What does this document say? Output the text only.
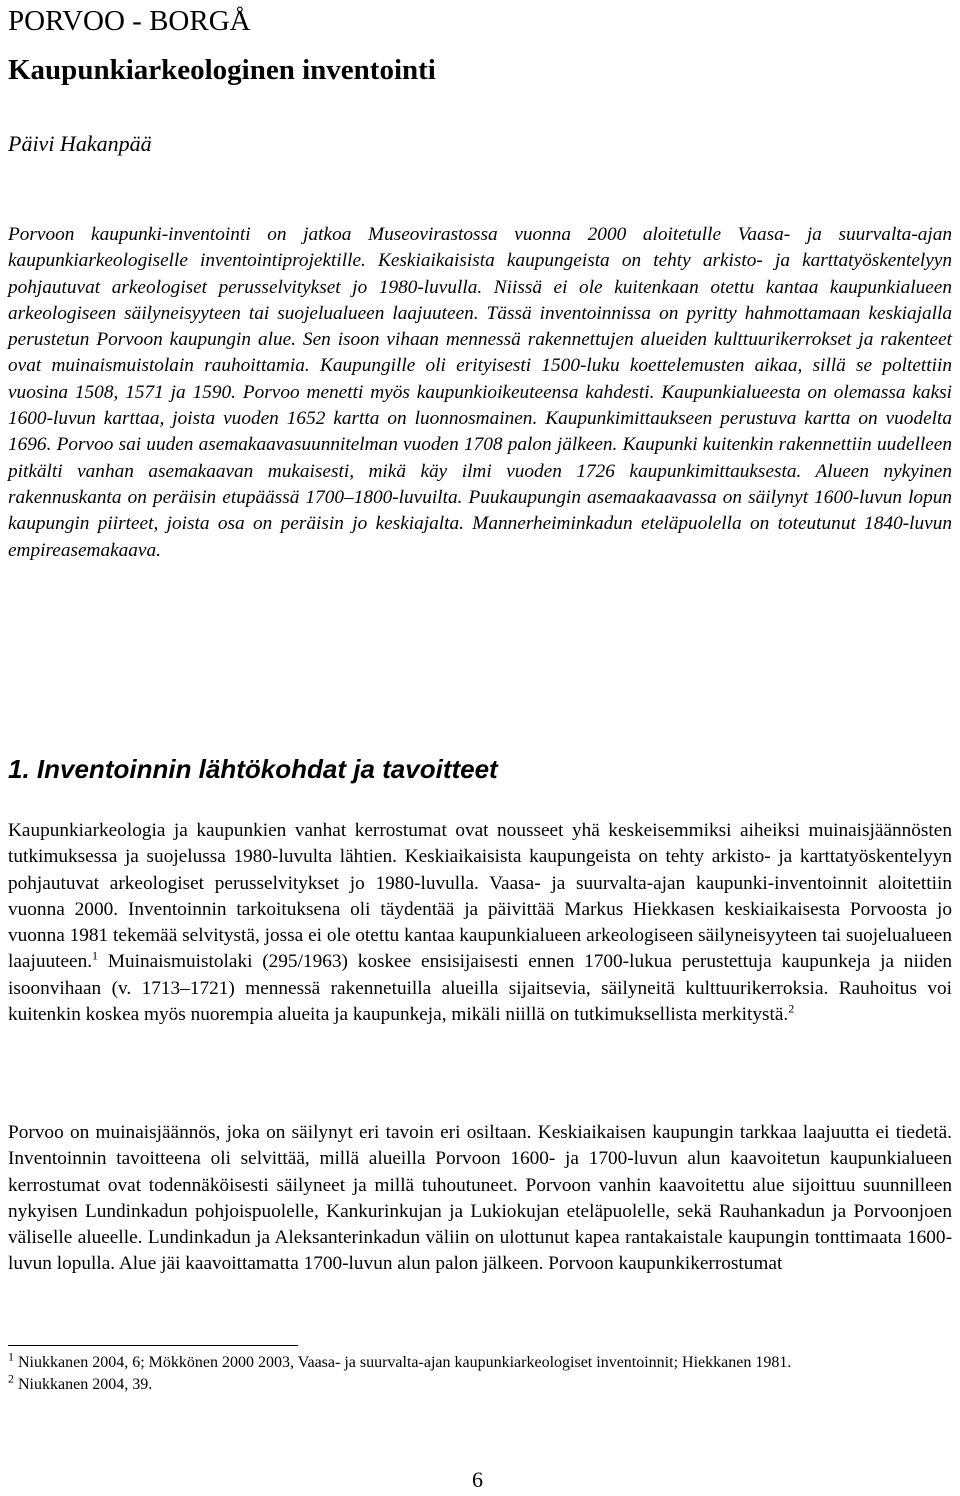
PORVOO - BORGÅ
Kaupunkiarkeologinen inventointi

Päivi Hakanpää

Porvoon kaupunki-inventointi on jatkoa Museovirastossa vuonna 2000 aloitetulle Vaasa- ja suurvalta-ajan kaupunkiarkeologiselle inventointiprojektille. Keskiaikaisista kaupungeista on tehty arkisto- ja karttatyöskentelyyn pohjautuvat arkeologiset perusselvitykset jo 1980-luvulla. Niissä ei ole kuitenkaan otettu kantaa kaupunkialueen arkeologiseen säilyneisyyteen tai suojelualueen laajuuteen. Tässä inventoinnissa on pyritty hahmottamaan keskiajalla perustetun Porvoon kaupungin alue. Sen isoon vihaan mennessä rakennettujen alueiden kulttuurikerrokset ja rakenteet ovat muinaismuistolain rauhoittamia. Kaupungille oli erityisesti 1500-luku koettelemusten aikaa, sillä se poltettiin vuosina 1508, 1571 ja 1590. Porvoo menetti myös kaupunkioikeuteensa kahdesti. Kaupunkialueesta on olemassa kaksi 1600-luvun karttaa, joista vuoden 1652 kartta on luonnosmainen. Kaupunkimittaukseen perustuva kartta on vuodelta 1696. Porvoo sai uuden asemakaavasuunnitelman vuoden 1708 palon jälkeen. Kaupunki kuitenkin rakennettiin uudelleen pitkälti vanhan asemakaavan mukaisesti, mikä käy ilmi vuoden 1726 kaupunkimittauksesta. Alueen nykyinen rakennuskanta on peräisin etupäässä 1700–1800-luvuilta. Puukaupungin asemaakaavassa on säilynyt 1600-luvun lopun kaupungin piirteet, joista osa on peräisin jo keskiajalta. Mannerheiminkadun eteläpuolella on toteutunut 1840-luvun empireasemakaava.

1. Inventoinnin lähtökohdat ja tavoitteet

Kaupunkiarkeologia ja kaupunkien vanhat kerrostumat ovat nousseet yhä keskeisemmiksi aiheiksi muinaisjäännösten tutkimuksessa ja suojelussa 1980-luvulta lähtien. Keskiaikaisista kaupungeista on tehty arkisto- ja karttatyöskentelyyn pohjautuvat arkeologiset perusselvitykset jo 1980-luvulla. Vaasa- ja suurvalta-ajan kaupunki-inventoinnit aloitettiin vuonna 2000. Inventoinnin tarkoituksena oli täydentää ja päivittää Markus Hiekkasen keskiaikaisesta Porvoosta jo vuonna 1981 tekemää selvitystä, jossa ei ole otettu kantaa kaupunkialueen arkeologiseen säilyneisyyteen tai suojelualueen laajuuteen.$^1$ Muinaismuistolaki (295/1963) koskee ensisijaisesti ennen 1700-lukua perustettuja kaupunkeja ja niiden isoonvihaan (v. 1713–1721) mennessä rakennetuilla alueilla sijaitsevia, säilyneitä kulttuurikerroksia. Rauhoitus voi kuitenkin koskea myös nuorempia alueita ja kaupunkeja, mikäli niillä on tutkimuksellista merkitystä.$^2$

Porvoo on muinaisjäännös, joka on säilynyt eri tavoin eri osiltaan. Keskiaikaisen kaupungin tarkkaa laajuutta ei tiedetä. Inventoinnin tavoitteena oli selvittää, millä alueilla Porvoon 1600- ja 1700-luvun alun kaavoitetun kaupunkialueen kerrostumat ovat todennäköisesti säilyneet ja millä tuhoutuneet. Porvoon vanhin kaavoitettu alue sijoittuu suunnilleen nykyisen Lundinkadun pohjoispuolelle, Kankurinkujan ja Lukiokujan eteläpuolelle, sekä Rauhankadun ja Porvoonjoen väliselle alueelle. Lundinkadun ja Aleksanterinkadun väliin on ulottunut kapea rantakaistale kaupungin tonttimaata 1600-luvun lopulla. Alue jäi kaavoittamatta 1700-luvun alun palon jälkeen. Porvoon kaupunkikerrostumat

$^1$ Niukkanen 2004, 6; Mökkönen 2000 2003, Vaasa- ja suurvalta-ajan kaupunkiarkeologiset inventoinnit; Hiekkanen 1981.

$^2$ Niukkanen 2004, 39.

6
